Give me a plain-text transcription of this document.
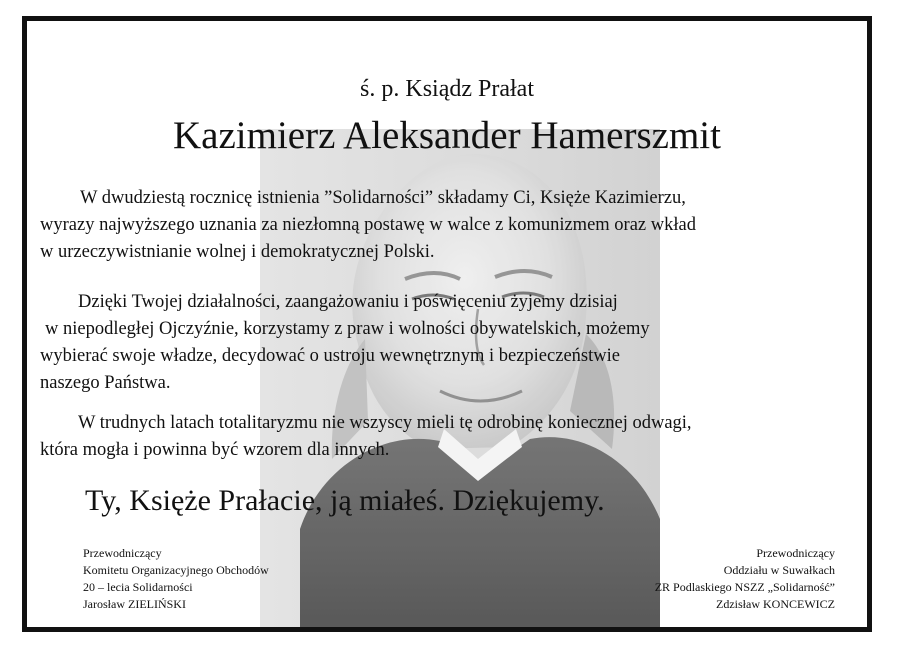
ś. p. Ksiądz Prałat
Kazimierz Aleksander Hamerszmit

W dwudziestą rocznicę istnienia ”Solidarności” składamy Ci, Księże Kazimierzu,
wyrazy najwyższego uznania za niezłomną postawę w walce z komunizmem oraz wkład
w urzeczywistnianie wolnej i demokratycznej Polski.

Dzięki Twojej działalności, zaangażowaniu i poświęceniu żyjemy dzisiaj
w niepodległej Ojczyźnie, korzystamy z praw i wolności obywatelskich, możemy
wybierać swoje władze, decydować o ustroju wewnętrznym i bezpieczeństwie
naszego Państwa.

W trudnych latach totalitaryzmu nie wszyscy mieli tę odrobinę koniecznej odwagi,
która mogła i powinna być wzorem dla innych.

Ty, Księże Prałacie, ją miałeś. Dziękujemy.
Przewodniczący
Komitetu Organizacyjnego Obchodów
20 – lecia Solidarności
Jarosław ZIELIŃSKI
Przewodniczący
Oddziału w Suwałkach
ZR Podlaskiego NSZZ „Solidarność”
Zdzisław KONCEWICZ
